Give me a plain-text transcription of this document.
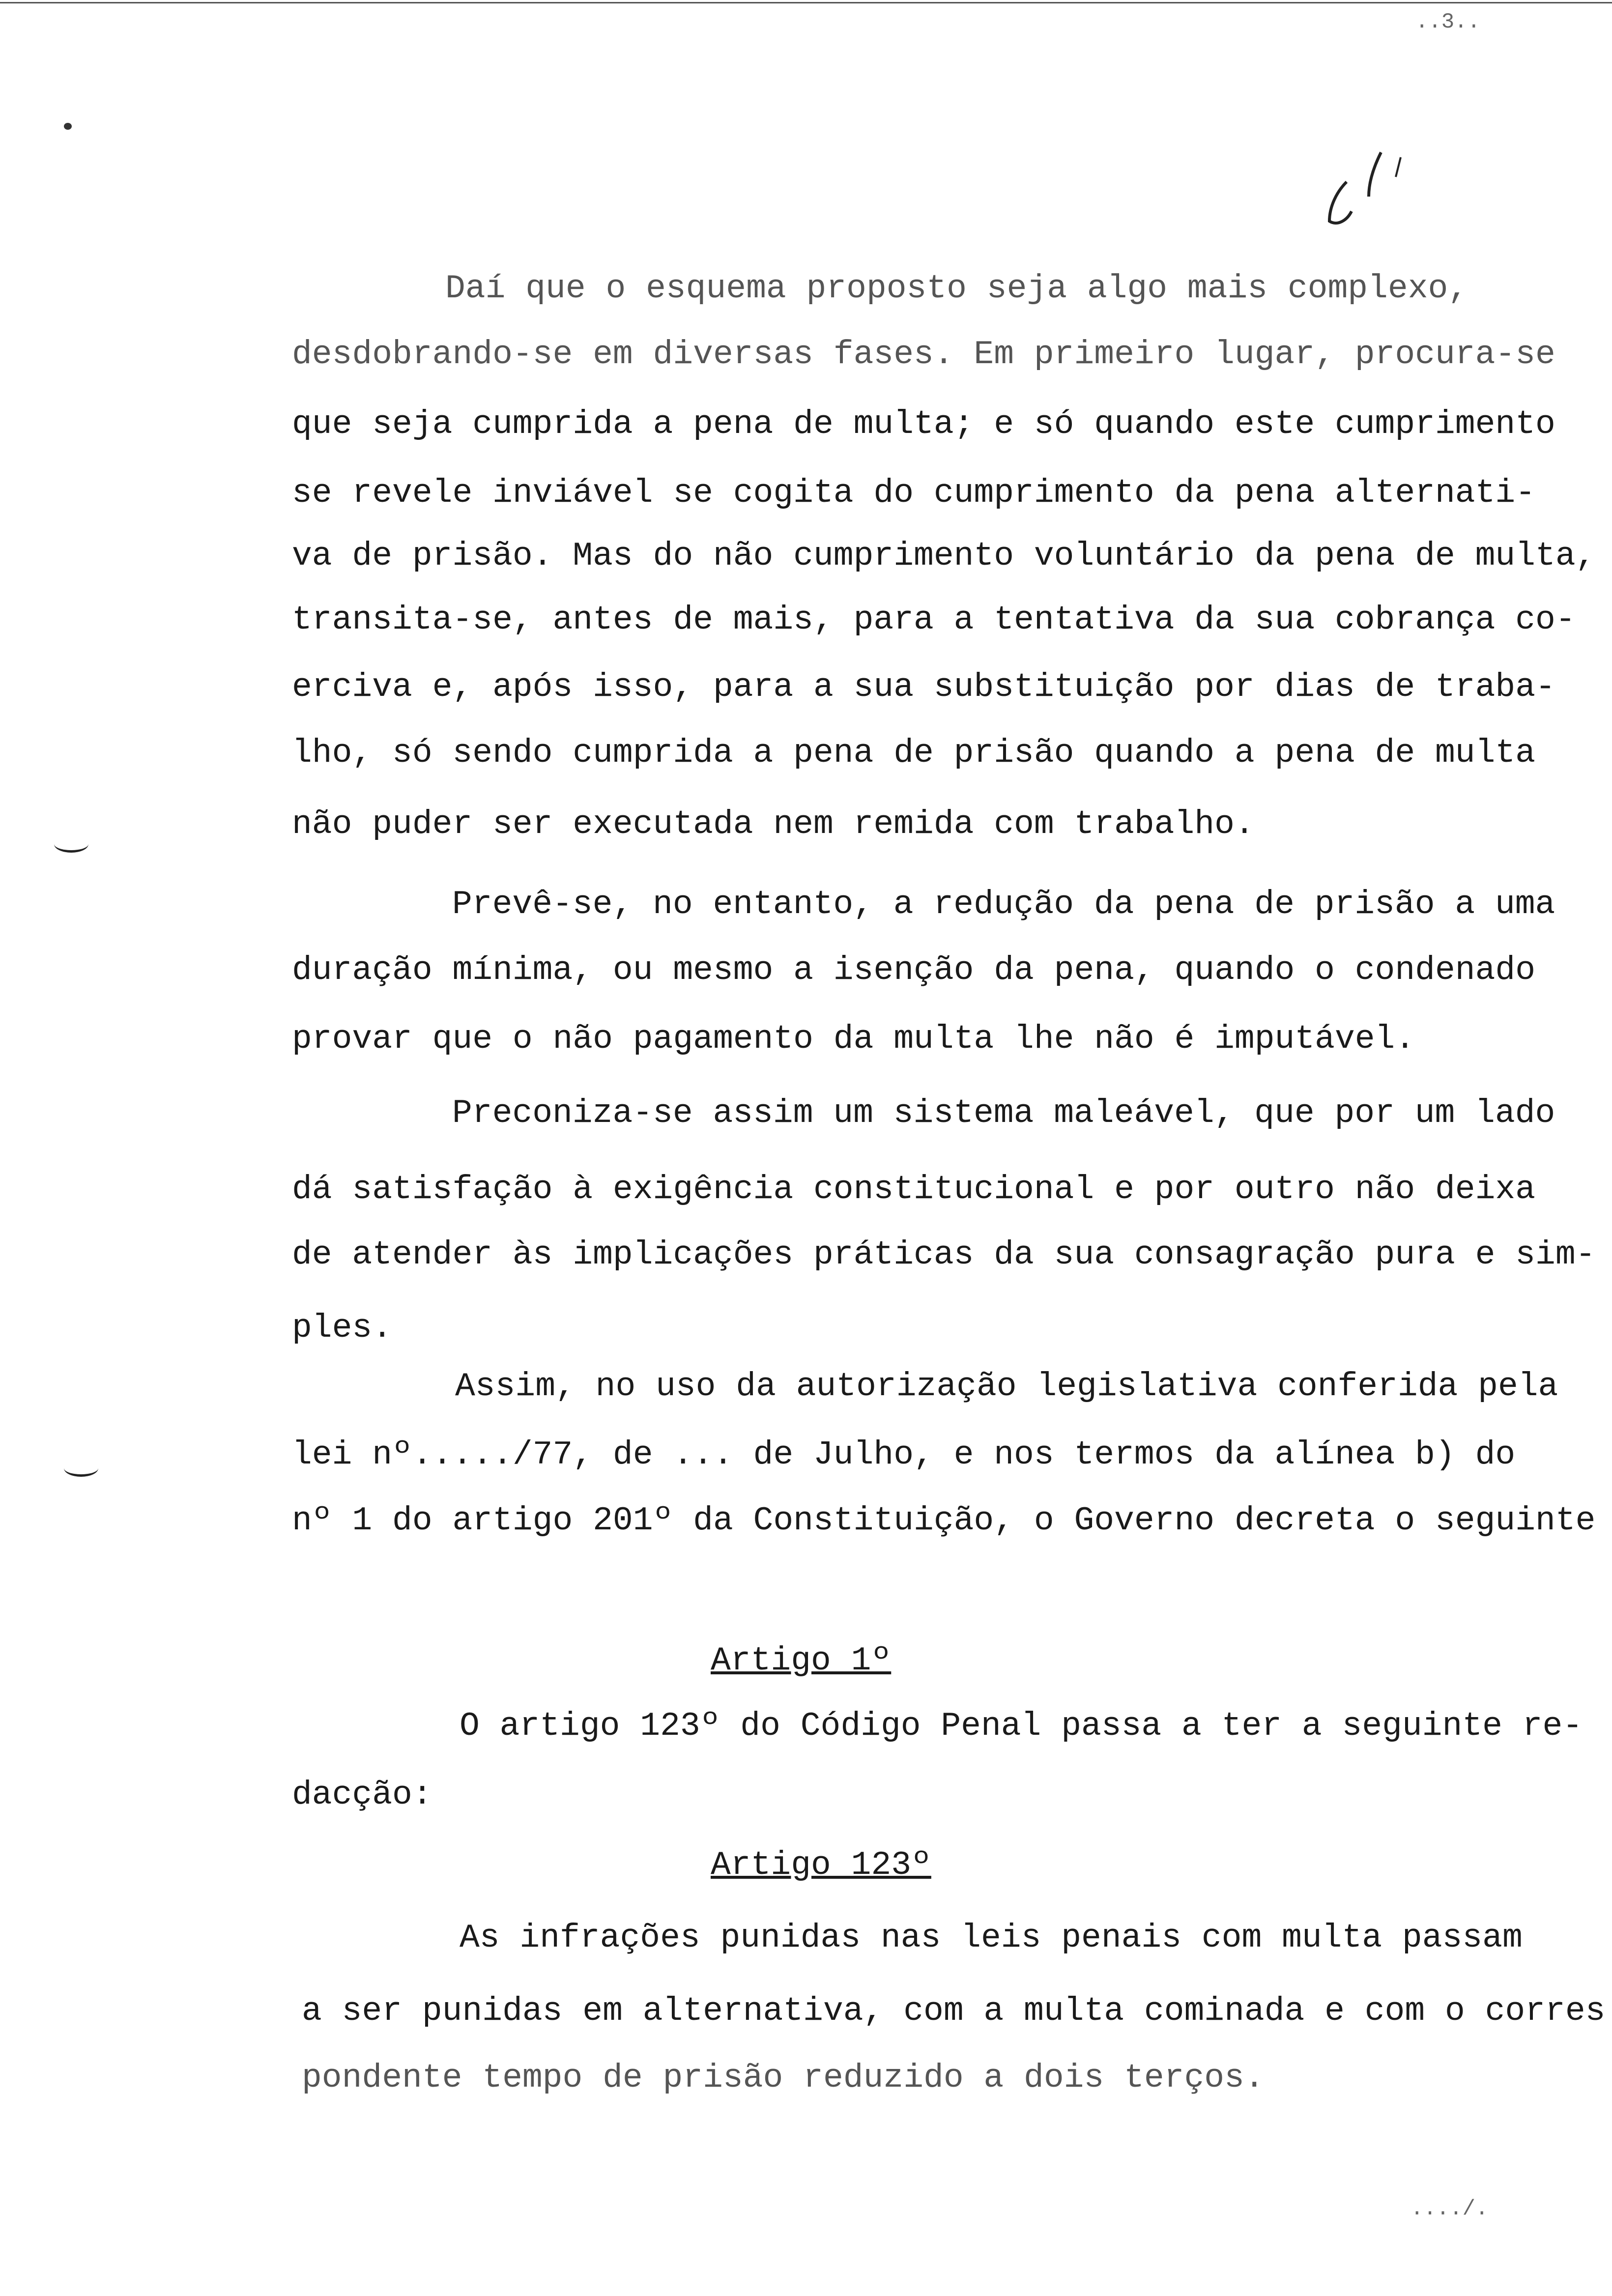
..3..
Daí que o esquema proposto seja algo mais complexo,
desdobrando-se em diversas fases. Em primeiro lugar, procura-se
que seja cumprida a pena de multa; e só quando este cumprimento
se revele inviável se cogita do cumprimento da pena alternati-
va de prisão. Mas do não cumprimento voluntário da pena de multa,
transita-se, antes de mais, para a tentativa da sua cobrança co-
erciva e, após isso, para a sua substituição por dias de traba-
lho, só sendo cumprida a pena de prisão quando a pena de multa
não puder ser executada nem remida com trabalho.
Prevê-se, no entanto, a redução da pena de prisão a uma
duração mínima, ou mesmo a isenção da pena, quando o condenado
provar que o não pagamento da multa lhe não é imputável.
Preconiza-se assim um sistema maleável, que por um lado
dá satisfação à exigência constitucional e por outro não deixa
de atender às implicações práticas da sua consagração pura e sim-
ples.
Assim, no uso da autorização legislativa conferida pela
lei nº...../77, de ... de Julho, e nos termos da alínea b) do
nº 1 do artigo 201º da Constituição, o Governo decreta o seguinte
Artigo 1º
O artigo 123º do Código Penal passa a ter a seguinte re-
dacção:
Artigo 123º
As infrações punidas nas leis penais com multa passam
a ser punidas em alternativa, com a multa cominada e com o corres
pondente tempo de prisão reduzido a dois terços.
..../.
